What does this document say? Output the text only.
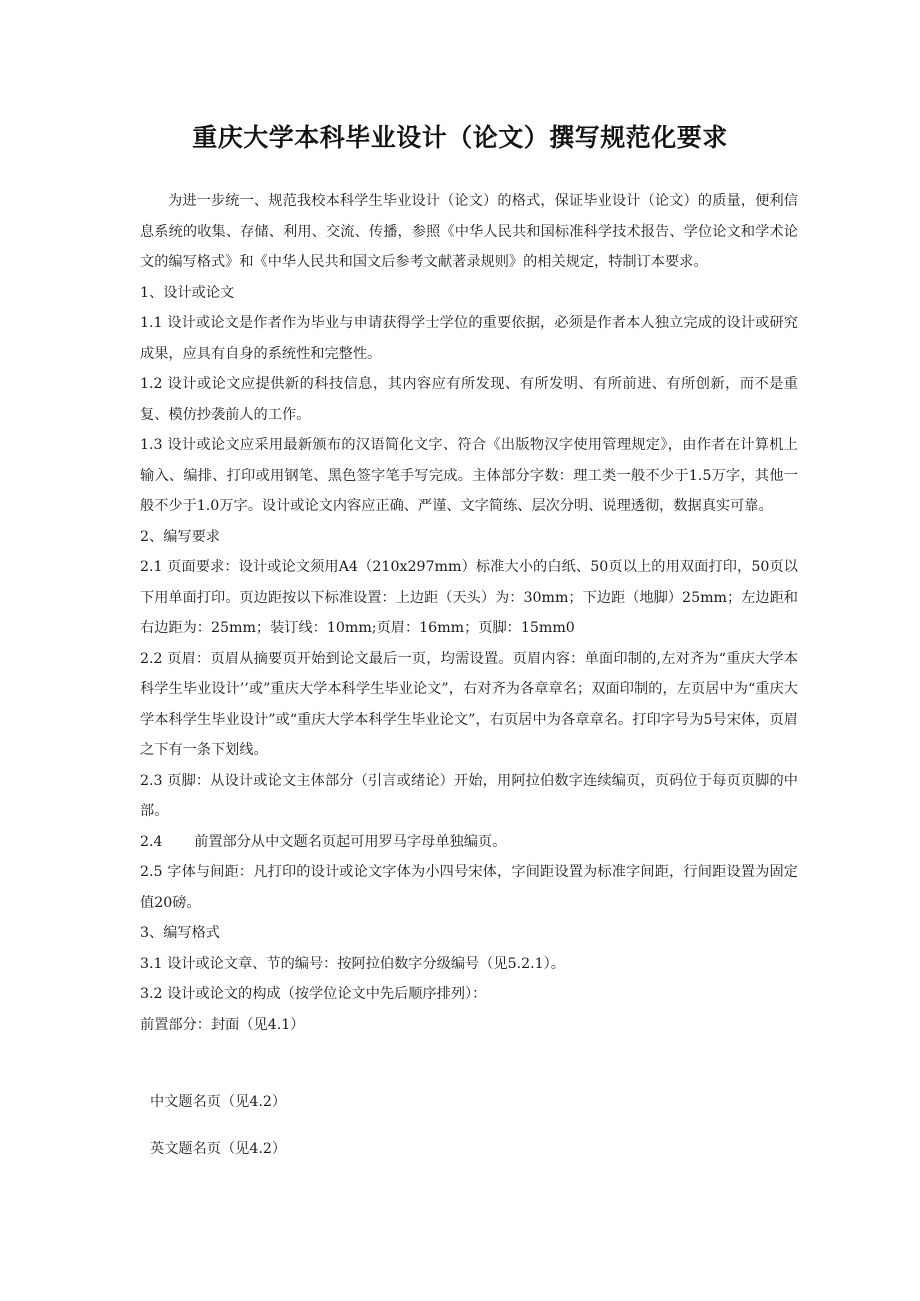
重庆大学本科毕业设计（论文）撰写规范化要求

为进一步统一、规范我校本科学生毕业设计（论文）的格式，保证毕业设计（论文）的质量，便利信息系统的收集、存储、利用、交流、传播，参照《中华人民共和国标准科学技术报告、学位论文和学术论文的编写格式》和《中华人民共和国文后参考文献著录规则》的相关规定，特制订本要求。

1、设计或论文

1.1 设计或论文是作者作为毕业与申请获得学士学位的重要依据，必须是作者本人独立完成的设计或研究成果，应具有自身的系统性和完整性。

1.2 设计或论文应提供新的科技信息，其内容应有所发现、有所发明、有所前进、有所创新，而不是重复、模仿抄袭前人的工作。

1.3 设计或论文应采用最新颁布的汉语简化文字、符合《出版物汉字使用管理规定》，由作者在计算机上输入、编排、打印或用钢笔、黑色签字笔手写完成。主体部分字数：理工类一般不少于1.5万字，其他一般不少于1.0万字。设计或论文内容应正确、严谨、文字简练、层次分明、说理透彻，数据真实可靠。

2、编写要求

2.1 页面要求：设计或论文须用A4（210x297mm）标准大小的白纸、50页以上的用双面打印，50页以下用单面打印。页边距按以下标准设置：上边距（天头）为：30mm；下边距（地脚）25mm；左边距和右边距为：25mm；装订线：10mm;页眉：16mm；页脚：15mm0

2.2 页眉：页眉从摘要页开始到论文最后一页，均需设置。页眉内容：单面印制的,左对齐为“重庆大学本科学生毕业设计’’或”重庆大学本科学生毕业论文”，右对齐为各章章名；双面印制的，左页居中为“重庆大学本科学生毕业设计”或“重庆大学本科学生毕业论文”，右页居中为各章章名。打印字号为5号宋体，页眉之下有一条下划线。

2.3 页脚：从设计或论文主体部分（引言或绪论）开始，用阿拉伯数字连续编页，页码位于每页页脚的中部。

2.4       前置部分从中文题名页起可用罗马字母单独编页。

2.5 字体与间距：凡打印的设计或论文字体为小四号宋体，字间距设置为标准字间距，行间距设置为固定值20磅。

3、编写格式

3.1 设计或论文章、节的编号：按阿拉伯数字分级编号（见5.2.1）。

3.2 设计或论文的构成（按学位论文中先后顺序排列）：

前置部分：封面（见4.1）

中文题名页（见4.2）

英文题名页（见4.2）
